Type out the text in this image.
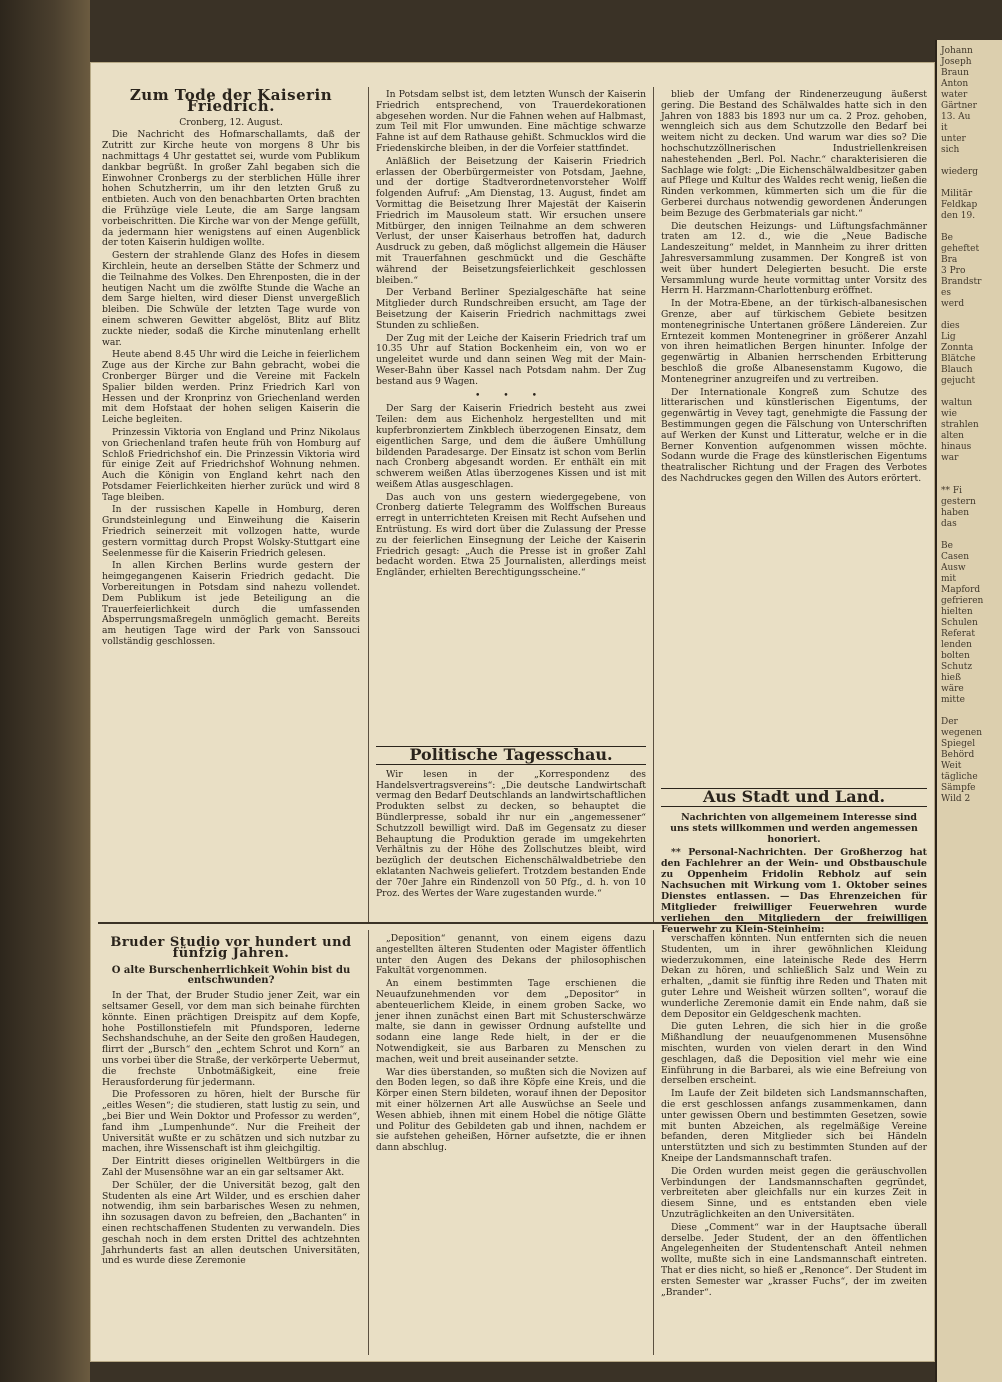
Zum Tode der Kaiserin Friedrich.

Cronberg, 12. August.

Die Nachricht des Hofmarschallamts, daß der Zutritt zur Kirche heute von morgens 8 Uhr bis nachmittags 4 Uhr gestattet sei, wurde vom Publikum dankbar begrüßt. In großer Zahl begaben sich die Einwohner Cronbergs zu der sterblichen Hülle ihrer hohen Schutzherrin, um ihr den letzten Gruß zu entbieten. Auch von den benachbarten Orten brachten die Frühzüge viele Leute, die am Sarge langsam vorbeischritten. Die Kirche war von der Menge gefüllt, da jedermann hier wenigstens auf einen Augenblick der toten Kaiserin huldigen wollte.

Gestern der strahlende Glanz des Hofes in diesem Kirchlein, heute an derselben Stätte der Schmerz und die Teilnahme des Volkes. Den Ehrenposten, die in der heutigen Nacht um die zwölfte Stunde die Wache an dem Sarge hielten, wird dieser Dienst unvergeßlich bleiben. Die Schwüle der letzten Tage wurde von einem schweren Gewitter abgelöst, Blitz auf Blitz zuckte nieder, sodaß die Kirche minutenlang erhellt war.

Heute abend 8.45 Uhr wird die Leiche in feierlichem Zuge aus der Kirche zur Bahn gebracht, wobei die Cronberger Bürger und die Vereine mit Fackeln Spalier bilden werden. Prinz Friedrich Karl von Hessen und der Kronprinz von Griechenland werden mit dem Hofstaat der hohen seligen Kaiserin die Leiche begleiten.

Prinzessin Viktoria von England und Prinz Nikolaus von Griechenland trafen heute früh von Homburg auf Schloß Friedrichshof ein. Die Prinzessin Viktoria wird für einige Zeit auf Friedrichshof Wohnung nehmen. Auch die Königin von England kehrt nach den Potsdamer Feierlichkeiten hierher zurück und wird 8 Tage bleiben.

In der russischen Kapelle in Homburg, deren Grundsteinlegung und Einweihung die Kaiserin Friedrich seinerzeit mit vollzogen hatte, wurde gestern vormittag durch Propst Wolsky-Stuttgart eine Seelenmesse für die Kaiserin Friedrich gelesen.

In allen Kirchen Berlins wurde gestern der heimgegangenen Kaiserin Friedrich gedacht. Die Vorbereitungen in Potsdam sind nahezu vollendet. Dem Publikum ist jede Beteiligung an die Trauerfeierlichkeit durch die umfassenden Absperrungsmaßregeln unmöglich gemacht. Bereits am heutigen Tage wird der Park von Sanssouci vollständig geschlossen.

In Potsdam selbst ist, dem letzten Wunsch der Kaiserin Friedrich entsprechend, von Trauerdekorationen abgesehen worden. Nur die Fahnen wehen auf Halbmast, zum Teil mit Flor umwunden. Eine mächtige schwarze Fahne ist auf dem Rathause gehißt. Schmucklos wird die Friedenskirche bleiben, in der die Vorfeier stattfindet.

Anläßlich der Beisetzung der Kaiserin Friedrich erlassen der Oberbürgermeister von Potsdam, Jaehne, und der dortige Stadtverordnetenvorsteher Wolff folgenden Aufruf: „Am Dienstag, 13. August, findet am Vormittag die Beisetzung Ihrer Majestät der Kaiserin Friedrich im Mausoleum statt. Wir ersuchen unsere Mitbürger, den innigen Teilnahme an dem schweren Verlust, der unser Kaiserhaus betroffen hat, dadurch Ausdruck zu geben, daß möglichst allgemein die Häuser mit Trauerfahnen geschmückt und die Geschäfte während der Beisetzungsfeierlichkeit geschlossen bleiben.“

Der Verband Berliner Spezialgeschäfte hat seine Mitglieder durch Rundschreiben ersucht, am Tage der Beisetzung der Kaiserin Friedrich nachmittags zwei Stunden zu schließen.

Der Zug mit der Leiche der Kaiserin Friedrich traf um 10.35 Uhr auf Station Bockenheim ein, von wo er ungeleitet wurde und dann seinen Weg mit der Main-Weser-Bahn über Kassel nach Potsdam nahm. Der Zug bestand aus 9 Wagen.

• • •

Der Sarg der Kaiserin Friedrich besteht aus zwei Teilen: dem aus Eichenholz hergestellten und mit kupferbronziertem Zinkblech überzogenen Einsatz, dem eigentlichen Sarge, und dem die äußere Umhüllung bildenden Paradesarge. Der Einsatz ist schon vom Berlin nach Cronberg abgesandt worden. Er enthält ein mit schwerem weißen Atlas überzogenes Kissen und ist mit weißem Atlas ausgeschlagen.

Das auch von uns gestern wiedergegebene, von Cronberg datierte Telegramm des Wolffschen Bureaus erregt in unterrichteten Kreisen mit Recht Aufsehen und Entrüstung. Es wird dort über die Zulassung der Presse zu der feierlichen Einsegnung der Leiche der Kaiserin Friedrich gesagt: „Auch die Presse ist in großer Zahl bedacht worden. Etwa 25 Journalisten, allerdings meist Engländer, erhielten Berechtigungsscheine.“

Politische Tagesschau.

Wir lesen in der „Korrespondenz des Handelsvertragsvereins“: „Die deutsche Landwirtschaft vermag den Bedarf Deutschlands an landwirtschaftlichen Produkten selbst zu decken, so behauptet die Bündlerpresse, sobald ihr nur ein „angemessener“ Schutzzoll bewilligt wird. Daß im Gegensatz zu dieser Behauptung die Produktion gerade im umgekehrten Verhältnis zu der Höhe des Zollschutzes bleibt, wird bezüglich der deutschen Eichenschälwaldbetriebe den eklatanten Nachweis geliefert. Trotzdem bestanden Ende der 70er Jahre ein Rindenzoll von 50 Pfg., d. h. von 10 Proz. des Wertes der Ware zugestanden wurde.“

blieb der Umfang der Rindenerzeugung äußerst gering. Die Bestand des Schälwaldes hatte sich in den Jahren von 1883 bis 1893 nur um ca. 2 Proz. gehoben, wenngleich sich aus dem Schutzzolle den Bedarf bei weitem nicht zu decken. Und warum war dies so? Die hochschutzzöllnerischen Industriellenkreisen nahestehenden „Berl. Pol. Nachr.“ charakterisieren die Sachlage wie folgt: „Die Eichenschälwaldbesitzer gaben auf Pflege und Kultur des Waldes recht wenig, ließen die Rinden verkommen, kümmerten sich um die für die Gerberei durchaus notwendig gewordenen Änderungen beim Bezuge des Gerbmaterials gar nicht.“

Die deutschen Heizungs- und Lüftungsfachmänner traten am 12. d., wie die „Neue Badische Landeszeitung“ meldet, in Mannheim zu ihrer dritten Jahresversammlung zusammen. Der Kongreß ist von weit über hundert Delegierten besucht. Die erste Versammlung wurde heute vormittag unter Vorsitz des Herrn H. Harzmann-Charlottenburg eröffnet.

In der Motra-Ebene, an der türkisch-albanesischen Grenze, aber auf türkischem Gebiete besitzen montenegrinische Untertanen größere Ländereien. Zur Erntezeit kommen Montenegriner in größerer Anzahl von ihren heimatlichen Bergen hinunter. Infolge der gegenwärtig in Albanien herrschenden Erbitterung beschloß die große Albanesenstamm Kugowo, die Montenegriner anzugreifen und zu vertreiben.

Der Internationale Kongreß zum Schutze des litterarischen und künstlerischen Eigentums, der gegenwärtig in Vevey tagt, genehmigte die Fassung der Bestimmungen gegen die Fälschung von Unterschriften auf Werken der Kunst und Litteratur, welche er in die Berner Konvention aufgenommen wissen möchte. Sodann wurde die Frage des künstlerischen Eigentums theatralischer Richtung und der Fragen des Verbotes des Nachdruckes gegen den Willen des Autors erörtert.

Aus Stadt und Land.

Nachrichten von allgemeinem Interesse sind uns stets willkommen und werden angemessen honoriert.

** Personal-Nachrichten. Der Großherzog hat den Fachlehrer an der Wein- und Obstbauschule zu Oppenheim Fridolin Rebholz auf sein Nachsuchen mit Wirkung vom 1. Oktober seines Dienstes entlassen. — Das Ehrenzeichen für Mitglieder freiwilliger Feuerwehren wurde verliehen den Mitgliedern der freiwilligen Feuerwehr zu Klein-Steinheim:

Bruder Studio vor hundert und fünfzig Jahren.
O alte Burschenherrlichkeit Wohin bist du entschwunden?

In der That, der Bruder Studio jener Zeit, war ein seltsamer Gesell, vor dem man sich beinahe fürchten könnte. Einen prächtigen Dreispitz auf dem Kopfe, hohe Postillonstiefeln mit Pfundsporen, lederne Sechshandschuhe, an der Seite den großen Haudegen, flirrt der „Bursch“ den „echtem Schrot und Korn“ an uns vorbei über die Straße, der verkörperte Uebermut, die frechste Unbotmäßigkeit, eine freie Herausforderung für jedermann.

Die Professoren zu hören, hielt der Bursche für „eitles Wesen“; die studieren, statt lustig zu sein, und „bei Bier und Wein Doktor und Professor zu werden“, fand ihm „Lumpenhunde“. Nur die Freiheit der Universität wußte er zu schätzen und sich nutzbar zu machen, ihre Wissenschaft ist ihm gleichgiltig.

Der Eintritt dieses originellen Weltbürgers in die Zahl der Musensöhne war an ein gar seltsamer Akt.

Der Schüler, der die Universität bezog, galt den Studenten als eine Art Wilder, und es erschien daher notwendig, ihm sein barbarisches Wesen zu nehmen, ihn sozusagen davon zu befreien, den „Bachanten“ in einen rechtschaffenen Studenten zu verwandeln. Dies geschah noch in dem ersten Drittel des achtzehnten Jahrhunderts fast an allen deutschen Universitäten, und es wurde diese Zeremonie

„Deposition“ genannt, von einem eigens dazu angestellten älteren Studenten oder Magister öffentlich unter den Augen des Dekans der philosophischen Fakultät vorgenommen.

An einem bestimmten Tage erschienen die Neuaufzunehmenden vor dem „Depositor“ in abenteuerlichem Kleide, in einem groben Sacke, wo jener ihnen zunächst einen Bart mit Schusterschwärze malte, sie dann in gewisser Ordnung aufstellte und sodann eine lange Rede hielt, in der er die Notwendigkeit, sie aus Barbaren zu Menschen zu machen, weit und breit auseinander setzte.

War dies überstanden, so mußten sich die Novizen auf den Boden legen, so daß ihre Köpfe eine Kreis, und die Körper einen Stern bildeten, worauf ihnen der Depositor mit einer hölzernen Art alle Auswüchse an Seele und Wesen abhieb, ihnen mit einem Hobel die nötige Glätte und Politur des Gebildeten gab und ihnen, nachdem er sie aufstehen geheißen, Hörner aufsetzte, die er ihnen dann abschlug.

verschaffen könnten. Nun entfernten sich die neuen Studenten, um in ihrer gewöhnlichen Kleidung wiederzukommen, eine lateinische Rede des Herrn Dekan zu hören, und schließlich Salz und Wein zu erhalten, „damit sie fünftig ihre Reden und Thaten mit guter Lehre und Weisheit würzen sollten“, worauf die wunderliche Zeremonie damit ein Ende nahm, daß sie dem Depositor ein Geldgeschenk machten.

Die guten Lehren, die sich hier in die große Mißhandlung der neuaufgenommenen Musensöhne mischten, wurden von vielen derart in den Wind geschlagen, daß die Deposition viel mehr wie eine Einführung in die Barbarei, als wie eine Befreiung von derselben erscheint.

Im Laufe der Zeit bildeten sich Landsmannschaften, die erst geschlossen anfangs zusammenkamen, dann unter gewissen Obern und bestimmten Gesetzen, sowie mit bunten Abzeichen, als regelmäßige Vereine befanden, deren Mitglieder sich bei Händeln unterstützten und sich zu bestimmten Stunden auf der Kneipe der Landsmannschaft trafen.

Die Orden wurden meist gegen die geräuschvollen Verbindungen der Landsmannschaften gegründet, verbreiteten aber gleichfalls nur ein kurzes Zeit in diesem Sinne, und es entstanden eben viele Unzuträglichkeiten an den Universitäten.

Diese „Comment“ war in der Hauptsache überall derselbe. Jeder Student, der an den öffentlichen Angelegenheiten der Studentenschaft Anteil nehmen wollte, mußte sich in eine Landsmannschaft eintreten. That er dies nicht, so hieß er „Renonce“. Der Student im ersten Semester war „krasser Fuchs“, der im zweiten „Brander“.

Johann
Joseph
Braun
Anton
water
Gärtner
13. Au
it
unter
sich

wiederg

Militär
Feldkap
den 19.

Be
geheftet
Bra
3 Pro
Brandstr
es
werd

dies
Lig
Zonnta
Blätche
Blauch
gejucht

waltun
wie
strahlen
alten
hinaus
war

** Fi
gestern
haben
das

Be
Casen
Ausw
mit
Mapford
gefrieren
hielten
Schulen
Referat
lenden
bolten
Schutz
hieß
wäre
mitte

Der
wegenen
Spiegel
Behörd
Weit
tägliche
Sämpfe
Wild 2
